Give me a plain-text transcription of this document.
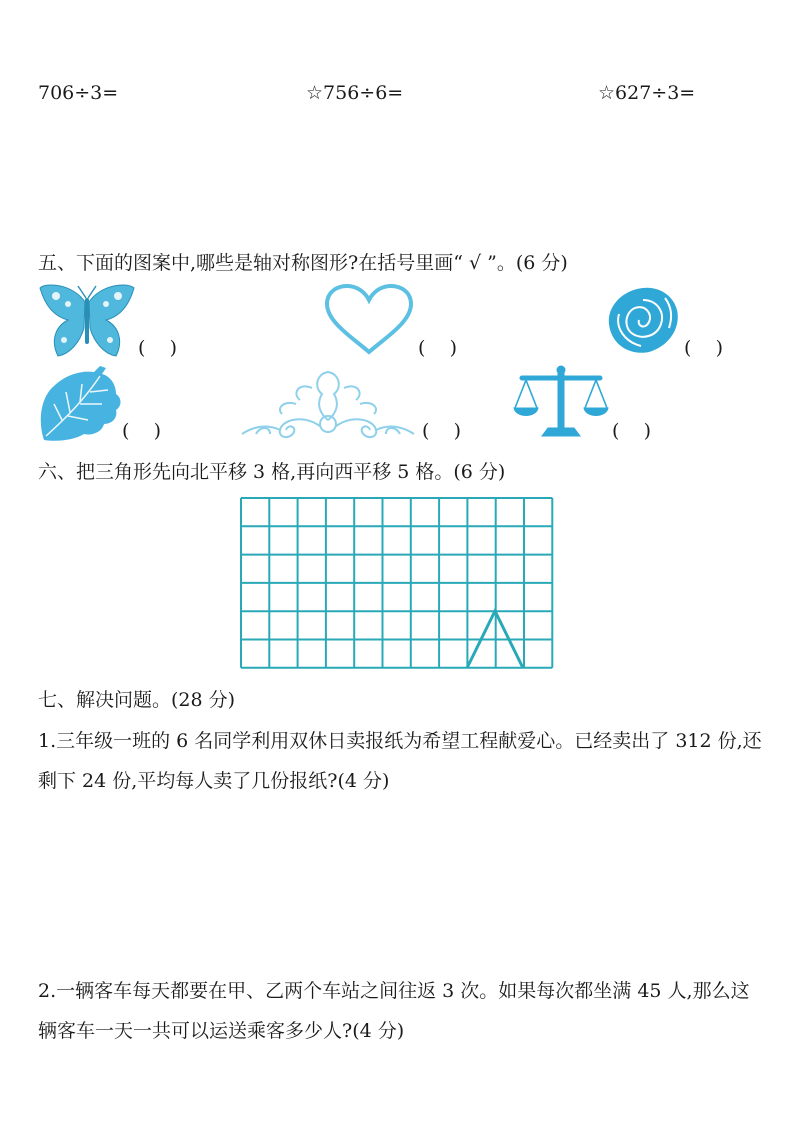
706÷3=	☆756÷6=	☆627÷3=
五、下面的图案中,哪些是轴对称图形?在括号里画“ √ ”。(6 分)
(    )	(    )	(    )
(    )	(    )	(    )
六、把三角形先向北平移 3 格,再向西平移 5 格。(6 分)
七、解决问题。(28 分)
1.三年级一班的 6 名同学利用双休日卖报纸为希望工程献爱心。已经卖出了 312 份,还剩下 24 份,平均每人卖了几份报纸?(4 分)
2.一辆客车每天都要在甲、乙两个车站之间往返 3 次。如果每次都坐满 45 人,那么这辆客车一天一共可以运送乘客多少人?(4 分)
